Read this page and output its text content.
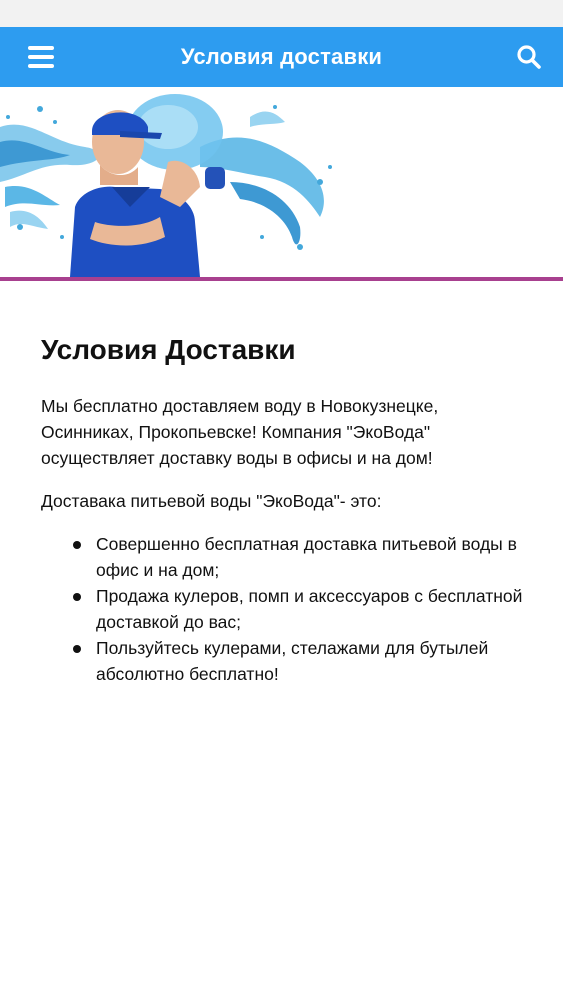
Условия доставки
Условия Доставки

Мы бесплатно доставляем воду в Новокузнецке, Осинниках, Прокопьевске! Компания "ЭкоВода" осуществляет доставку воды в офисы и на дом!

Доставака питьевой воды "ЭкоВода"- это:

Совершенно бесплатная доставка питьевой воды в офис и на дом;
Продажа кулеров, помп и аксессуаров с бесплатной доставкой до вас;
Пользуйтесь кулерами, стелажами для бутылей абсолютно бесплатно!
